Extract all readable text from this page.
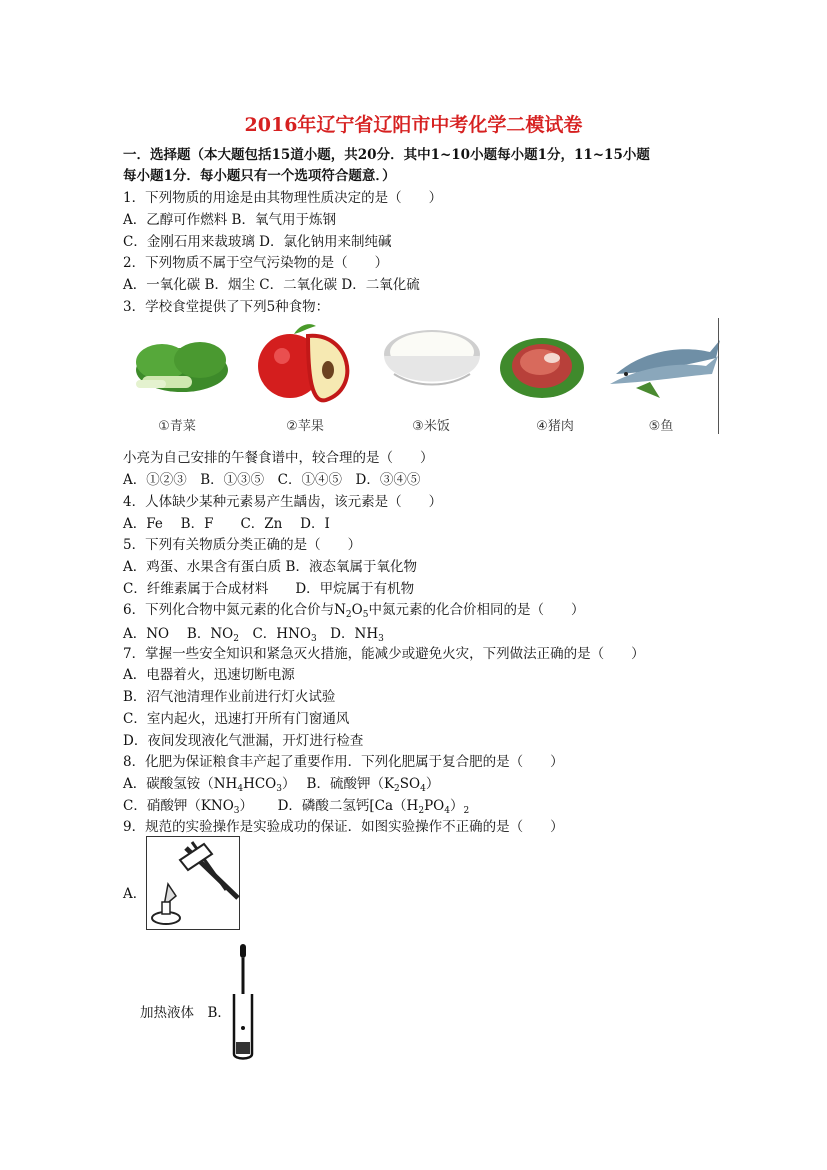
2016年辽宁省辽阳市中考化学二模试卷
一．选择题（本大题包括15道小题，共20分．其中1~10小题每小题1分，11~15小题
每小题1分．每小题只有一个选项符合题意．）
1．下列物质的用途是由其物理性质决定的是（　　）
A．乙醇可作燃料 B．氧气用于炼钢
C．金刚石用来裁玻璃 D．氯化钠用来制纯碱
2．下列物质不属于空气污染物的是（　　）
A．一氧化碳 B．烟尘 C．二氧化碳 D．二氧化硫
3．学校食堂提供了下列5种食物：
①青菜	②苹果	③米饭	④猪肉	⑤鱼
小亮为自己安排的午餐食谱中，较合理的是（　　）
A．①②③　B．①③⑤　C．①④⑤　D．③④⑤
4．人体缺少某种元素易产生龋齿，该元素是（　　）
A．Fe　 B．F　　C．Zn　 D．I
5．下列有关物质分类正确的是（　　）
A．鸡蛋、水果含有蛋白质 B．液态氧属于氧化物
C．纤维素属于合成材料　　D．甲烷属于有机物
6．下列化合物中氮元素的化合价与$N_2O_5$中氮元素的化合价相同的是（　　）
A．NO　 B．$NO_2$　C．$HNO_3$　D．$NH_3$
7．掌握一些安全知识和紧急灭火措施，能减少或避免火灾，下列做法正确的是（　　）
A．电器着火，迅速切断电源
B．沼气池清理作业前进行灯火试验
C．室内起火，迅速打开所有门窗通风
D．夜间发现液化气泄漏，开灯进行检查
8．化肥为保证粮食丰产起了重要作用．下列化肥属于复合肥的是（　　）
A．碳酸氢铵$(NH_4HCO_3)$　 B．硫酸钾$(K_2SO_4)$
C．硝酸钾$(KNO_3)$　　 D．磷酸二氢钙[$Ca(H_2PO_4)_2$
9．规范的实验操作是实验成功的保证．如图实验操作不正确的是（　　）
A．
加热液体　B．
